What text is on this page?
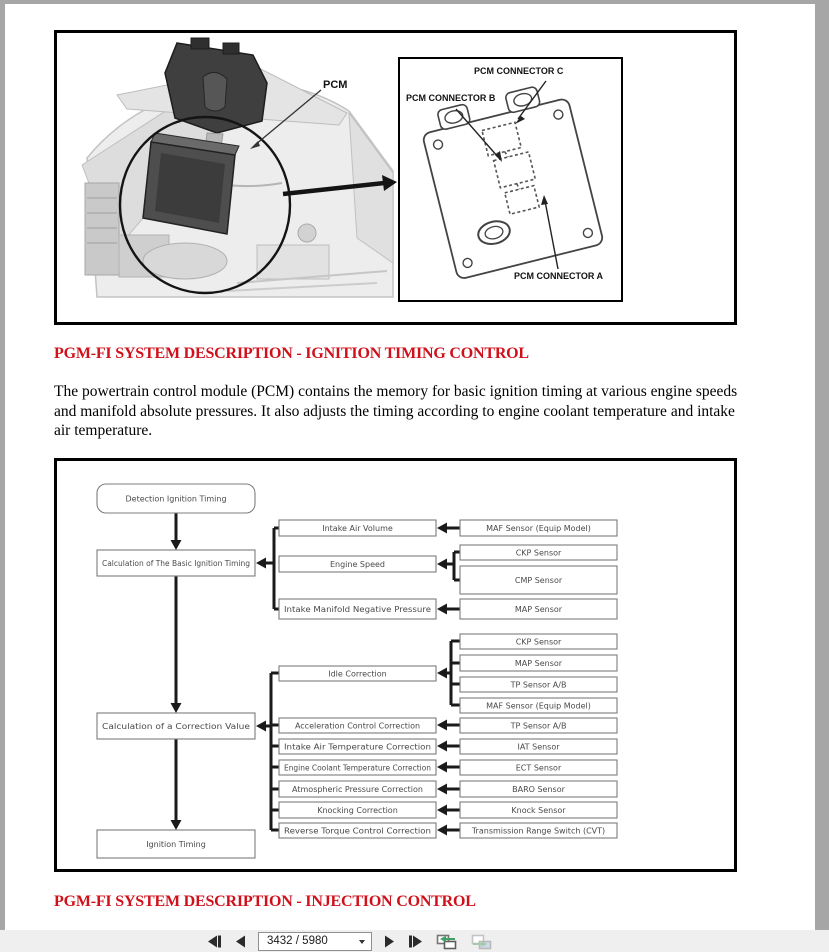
PCM
PCM CONNECTOR C
PCM CONNECTOR B
PCM CONNECTOR A
PGM-FI SYSTEM DESCRIPTION - IGNITION TIMING CONTROL
The powertrain control module (PCM) contains the memory for basic ignition timing at various engine speeds
and manifold absolute pressures. It also adjusts the timing according to engine coolant temperature and intake
air temperature.
Detection Ignition Timing
Calculation of The Basic Ignition Timing
Calculation of a Correction Value
Ignition Timing
Intake Air Volume
Engine Speed
Intake Manifold Negative Pressure
Idle Correction
Acceleration Control Correction
Intake Air Temperature Correction
Engine Coolant Temperature Correction
Atmospheric Pressure Correction
Knocking Correction
Reverse Torque Control Correction
MAF Sensor (Equip Model)
CKP Sensor
CMP Sensor
MAP Sensor
CKP Sensor
MAP Sensor
TP Sensor A/B
MAF Sensor (Equip Model)
TP Sensor A/B
IAT Sensor
ECT Sensor
BARO Sensor
Knock Sensor
Transmission Range Switch (CVT)
PGM-FI SYSTEM DESCRIPTION - INJECTION CONTROL
3432 / 5980
